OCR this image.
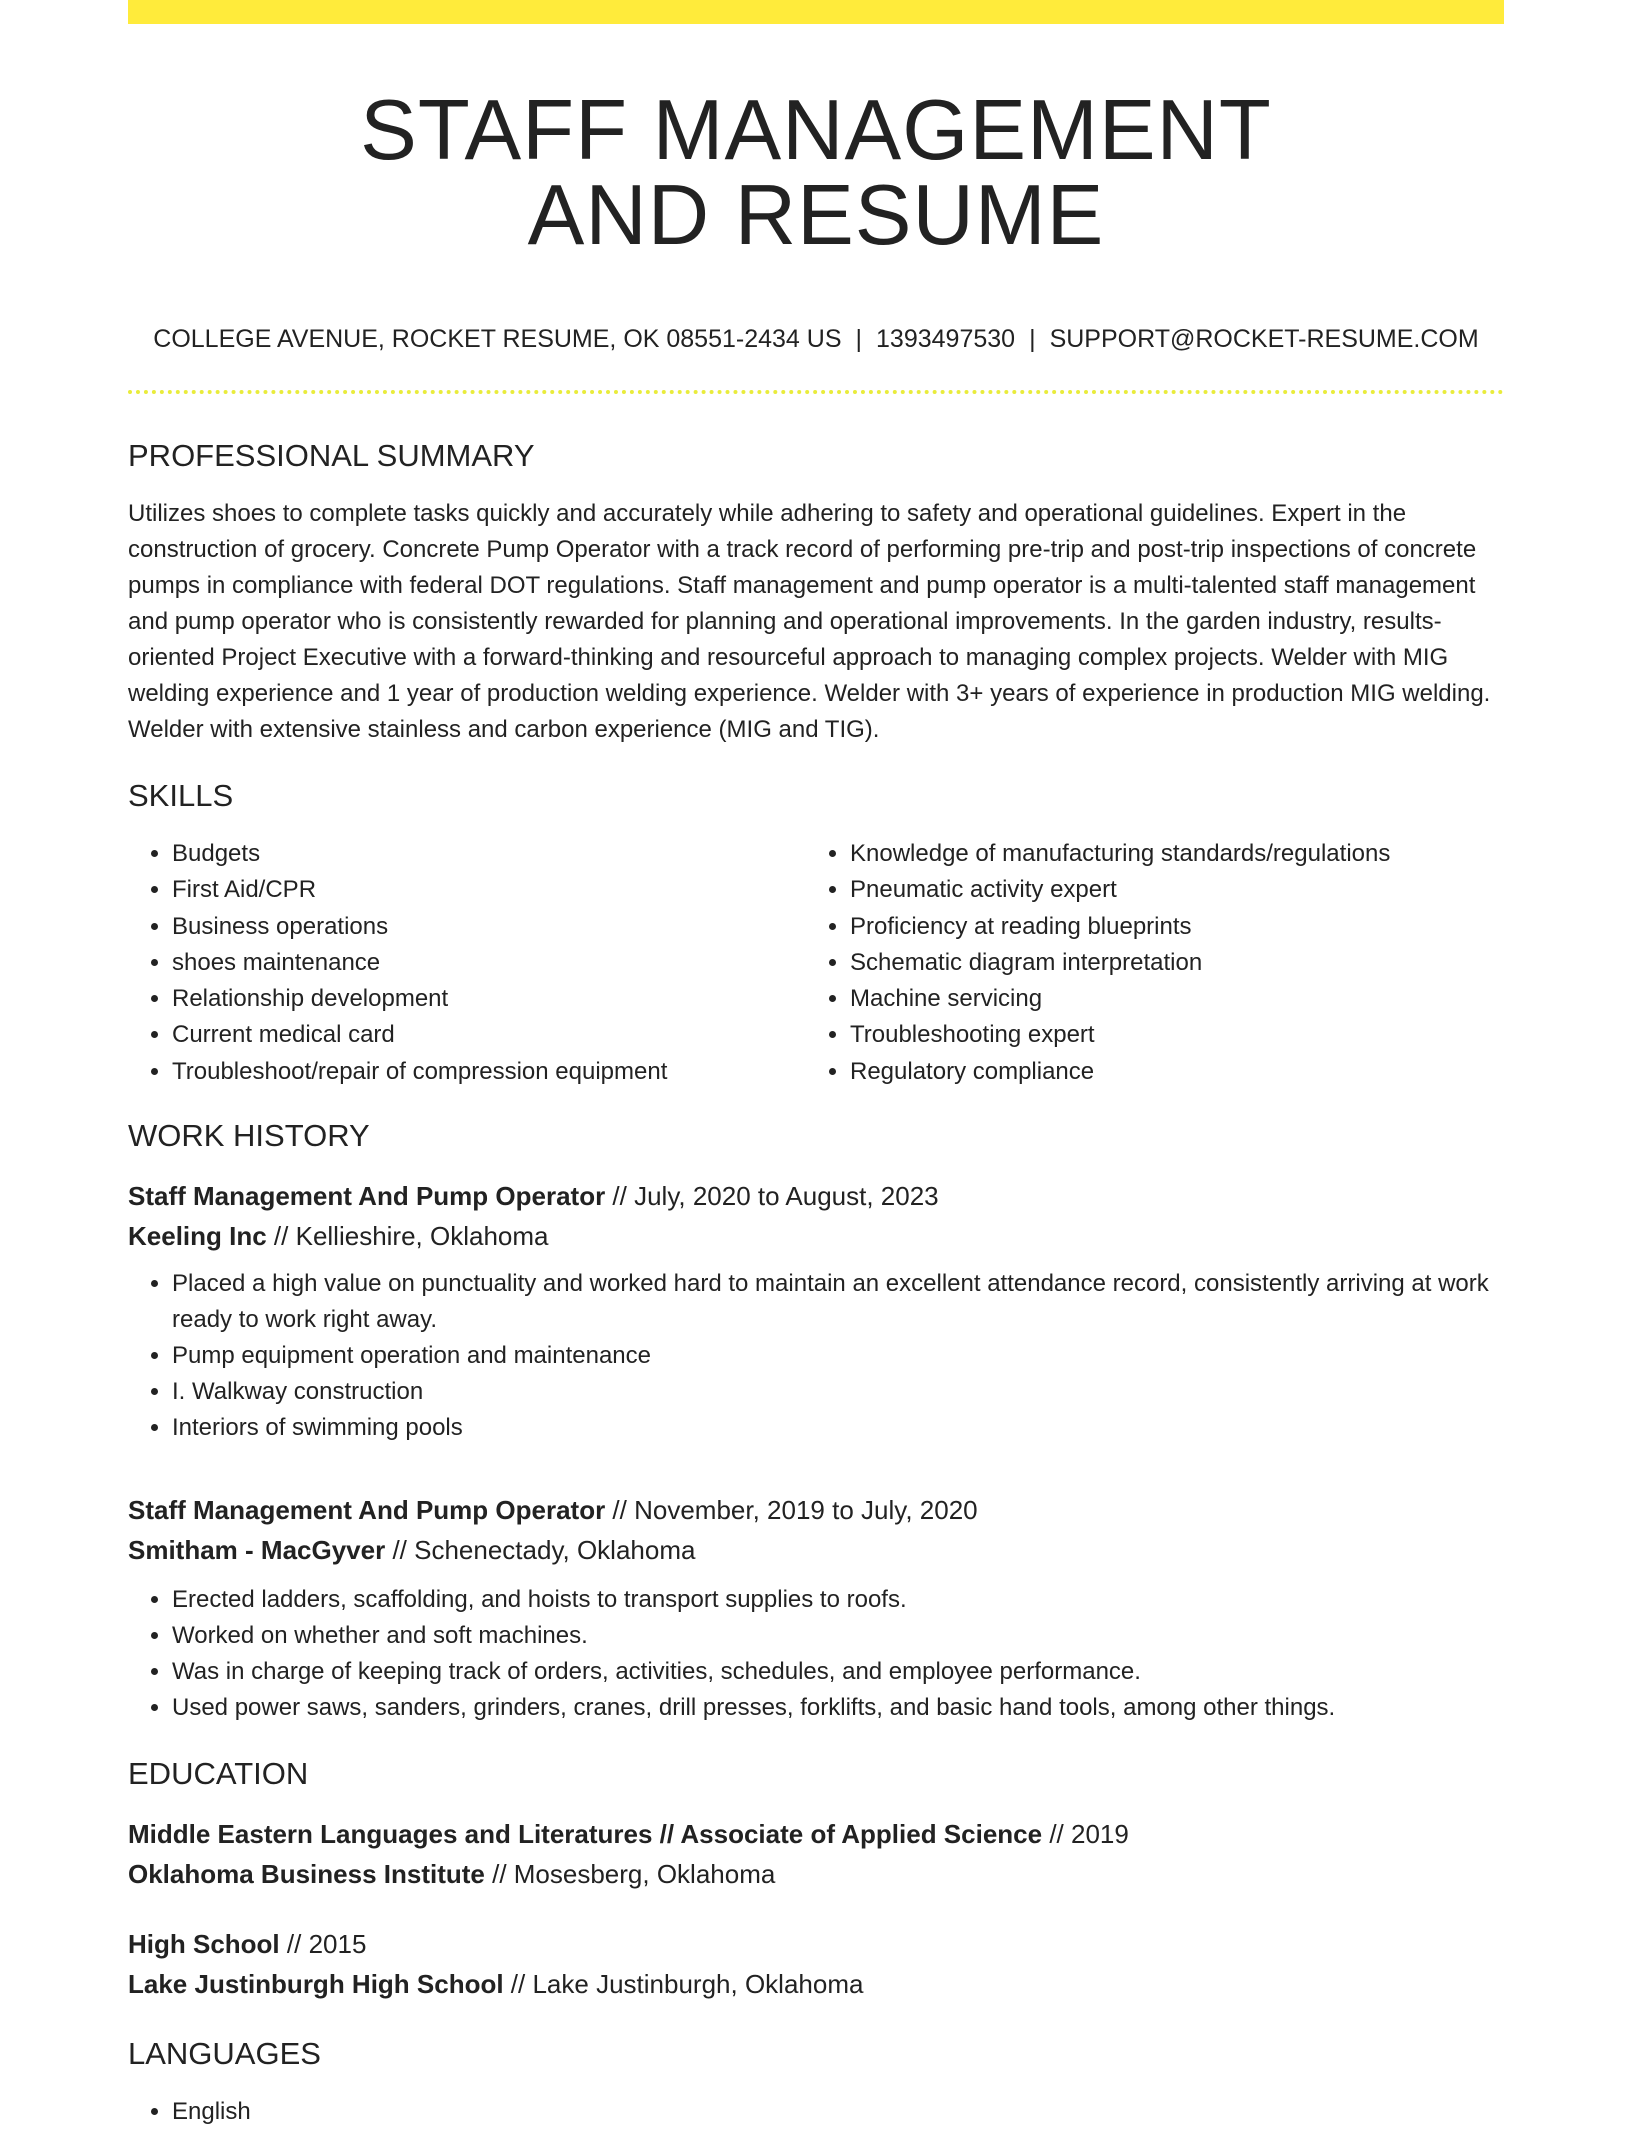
STAFF MANAGEMENT
AND RESUME
COLLEGE AVENUE, ROCKET RESUME, OK 08551-2434 US | 1393497530 | SUPPORT@ROCKET-RESUME.COM
PROFESSIONAL SUMMARY

Utilizes shoes to complete tasks quickly and accurately while adhering to safety and operational guidelines. Expert in the construction of grocery. Concrete Pump Operator with a track record of performing pre-trip and post-trip inspections of concrete pumps in compliance with federal DOT regulations. Staff management and pump operator is a multi-talented staff management and pump operator who is consistently rewarded for planning and operational improvements. In the garden industry, results-oriented Project Executive with a forward-thinking and resourceful approach to managing complex projects. Welder with MIG welding experience and 1 year of production welding experience. Welder with 3+ years of experience in production MIG welding. Welder with extensive stainless and carbon experience (MIG and TIG).

SKILLS
• Budgets
• First Aid/CPR
• Business operations
• shoes maintenance
• Relationship development
• Current medical card
• Troubleshoot/repair of compression equipment
• Knowledge of manufacturing standards/regulations
• Pneumatic activity expert
• Proficiency at reading blueprints
• Schematic diagram interpretation
• Machine servicing
• Troubleshooting expert
• Regulatory compliance
WORK HISTORY
Staff Management And Pump Operator // July, 2020 to August, 2023
Keeling Inc // Kellieshire, Oklahoma
• Placed a high value on punctuality and worked hard to maintain an excellent attendance record, consistently arriving at work ready to work right away.
• Pump equipment operation and maintenance
• I. Walkway construction
• Interiors of swimming pools
Staff Management And Pump Operator // November, 2019 to July, 2020
Smitham - MacGyver // Schenectady, Oklahoma
• Erected ladders, scaffolding, and hoists to transport supplies to roofs.
• Worked on whether and soft machines.
• Was in charge of keeping track of orders, activities, schedules, and employee performance.
• Used power saws, sanders, grinders, cranes, drill presses, forklifts, and basic hand tools, among other things.
EDUCATION
Middle Eastern Languages and Literatures // Associate of Applied Science // 2019
Oklahoma Business Institute // Mosesberg, Oklahoma
High School // 2015
Lake Justinburgh High School // Lake Justinburgh, Oklahoma
LANGUAGES
• English
